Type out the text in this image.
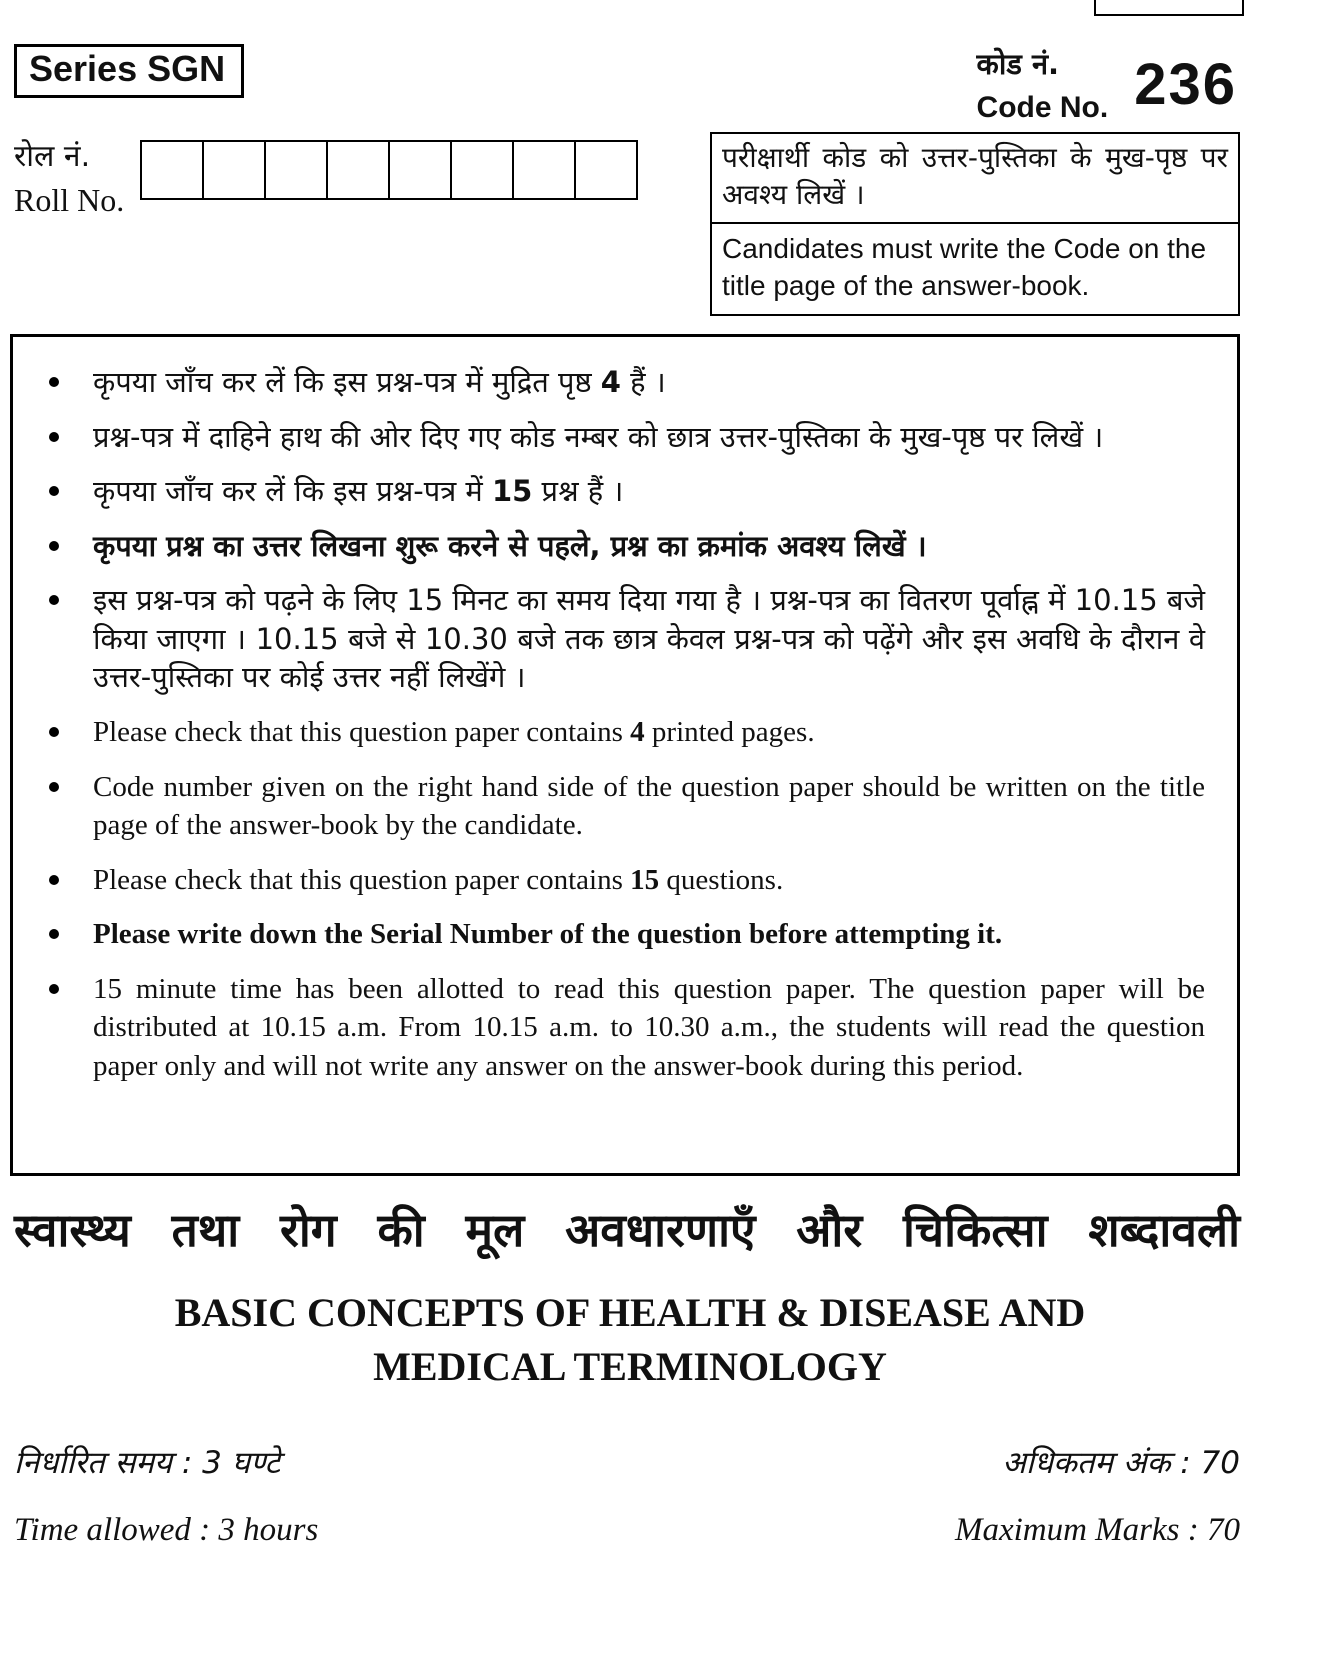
Series SGN	कोड नं.
Code No. 236
रोल नं.
Roll No.
परीक्षार्थी कोड को उत्तर-पुस्तिका के मुख-पृष्ठ पर अवश्य लिखें ।
Candidates must write the Code on the title page of the answer-book.
कृपया जाँच कर लें कि इस प्रश्न-पत्र में मुद्रित पृष्ठ 4 हैं ।
प्रश्न-पत्र में दाहिने हाथ की ओर दिए गए कोड नम्बर को छात्र उत्तर-पुस्तिका के मुख-पृष्ठ पर लिखें ।
कृपया जाँच कर लें कि इस प्रश्न-पत्र में 15 प्रश्न हैं ।
कृपया प्रश्न का उत्तर लिखना शुरू करने से पहले, प्रश्न का क्रमांक अवश्य लिखें ।
इस प्रश्न-पत्र को पढ़ने के लिए 15 मिनट का समय दिया गया है । प्रश्न-पत्र का वितरण पूर्वाह्न में 10.15 बजे किया जाएगा । 10.15 बजे से 10.30 बजे तक छात्र केवल प्रश्न-पत्र को पढ़ेंगे और इस अवधि के दौरान वे उत्तर-पुस्तिका पर कोई उत्तर नहीं लिखेंगे ।
Please check that this question paper contains 4 printed pages.
Code number given on the right hand side of the question paper should be written on the title page of the answer-book by the candidate.
Please check that this question paper contains 15 questions.
Please write down the Serial Number of the question before attempting it.
15 minute time has been allotted to read this question paper. The question paper will be distributed at 10.15 a.m. From 10.15 a.m. to 10.30 a.m., the students will read the question paper only and will not write any answer on the answer-book during this period.
स्वास्थ्य तथा रोग की मूल अवधारणाएँ और चिकित्सा शब्दावली
BASIC CONCEPTS OF HEALTH & DISEASE AND
MEDICAL TERMINOLOGY
निर्धारित समय : 3 घण्टे	अधिकतम अंक : 70
Time allowed : 3 hours	Maximum Marks : 70
